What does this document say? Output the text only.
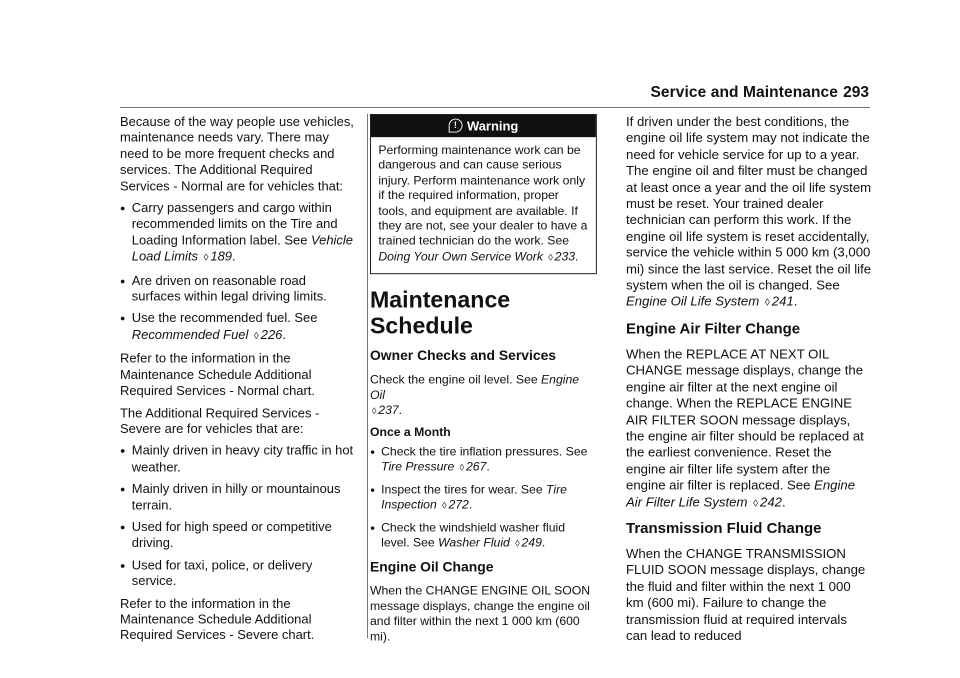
Service and Maintenance 293

Because of the way people use vehicles, maintenance needs vary. There may need to be more frequent checks and services. The Additional Required Services - Normal are for vehicles that:

● Carry passengers and cargo within recommended limits on the Tire and Loading Information label. See Vehicle Load Limits ◊ 189.
● Are driven on reasonable road surfaces within legal driving limits.
● Use the recommended fuel. See
Recommended Fuel ◊ 226.

Refer to the information in the Maintenance Schedule Additional Required Services - Normal chart.

The Additional Required Services - Severe are for vehicles that are:

● Mainly driven in heavy city traffic in hot weather.
● Mainly driven in hilly or mountainous terrain.
● Used for high speed or competitive driving.
● Used for taxi, police, or delivery service.

Refer to the information in the Maintenance Schedule Additional Required Services - Severe chart.

! Warning
Performing maintenance work can be dangerous and can cause serious injury. Perform maintenance work only if the required information, proper tools, and equipment are available. If they are not, see your dealer to have a trained technician do the work. See Doing Your Own Service Work ◊ 233.
Maintenance Schedule
Owner Checks and Services

Check the engine oil level. See Engine Oil
◊ 237.

Once a Month

● Check the tire inflation pressures. See Tire Pressure ◊ 267.
● Inspect the tires for wear. See Tire Inspection ◊ 272.
● Check the windshield washer fluid level. See Washer Fluid ◊ 249.
Engine Oil Change

When the CHANGE ENGINE OIL SOON message displays, change the engine oil and filter within the next 1 000 km (600 mi).

If driven under the best conditions, the engine oil life system may not indicate the need for vehicle service for up to a year. The engine oil and filter must be changed at least once a year and the oil life system must be reset. Your trained dealer technician can perform this work. If the engine oil life system is reset accidentally, service the vehicle within 5 000 km (3,000 mi) since the last service. Reset the oil life system when the oil is changed. See Engine Oil Life System ◊ 241.

Engine Air Filter Change

When the REPLACE AT NEXT OIL CHANGE message displays, change the engine air filter at the next engine oil change. When the REPLACE ENGINE AIR FILTER SOON message displays, the engine air filter should be replaced at the earliest convenience. Reset the engine air filter life system after the engine air filter is replaced. See Engine Air Filter Life System ◊ 242.

Transmission Fluid Change

When the CHANGE TRANSMISSION FLUID SOON message displays, change the fluid and filter within the next 1 000 km (600 mi). Failure to change the transmission fluid at required intervals can lead to reduced
